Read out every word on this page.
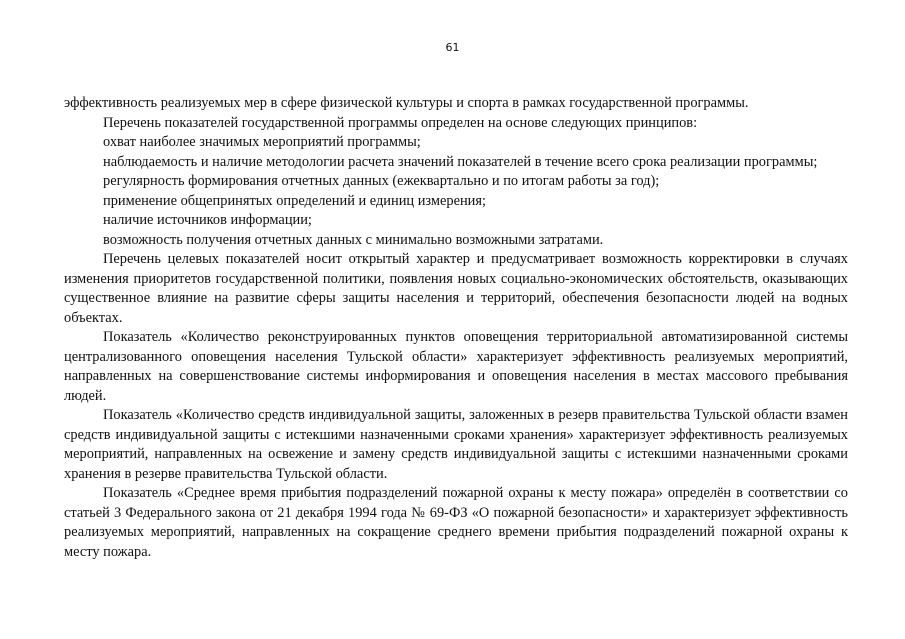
61

эффективность реализуемых мер в сфере физической культуры и спорта в рамках государственной программы.

Перечень показателей государственной программы определен на основе следующих принципов:

охват наиболее значимых мероприятий программы;

наблюдаемость и наличие методологии расчета значений показателей в течение всего срока реализации программы;

регулярность формирования отчетных данных (ежеквартально и по итогам работы за год);

применение общепринятых определений и единиц измерения;

наличие источников информации;

возможность получения отчетных данных с минимально возможными затратами.

Перечень целевых показателей носит открытый характер и предусматривает возможность корректировки в случаях изменения приоритетов государственной политики, появления новых социально-экономических обстоятельств, оказывающих существенное влияние на развитие сферы защиты населения и территорий, обеспечения безопасности людей на водных объектах.

Показатель «Количество реконструированных пунктов оповещения территориальной автоматизированной системы централизованного оповещения населения Тульской области» характеризует эффективность реализуемых мероприятий, направленных на совершенствование системы информирования и оповещения населения в местах массового пребывания людей.

Показатель «Количество средств индивидуальной защиты, заложенных в резерв правительства Тульской области взамен средств индивидуальной защиты с истекшими назначенными сроками хранения» характеризует эффективность реализуемых мероприятий, направленных на освежение и замену средств индивидуальной защиты с истекшими назначенными сроками хранения в резерве правительства Тульской области.

Показатель «Среднее время прибытия подразделений пожарной охраны к месту пожара» определён в соответствии со статьей 3 Федерального закона от 21 декабря 1994 года № 69-ФЗ «О пожарной безопасности» и характеризует эффективность реализуемых мероприятий, направленных на сокращение среднего времени прибытия подразделений пожарной охраны к месту пожара.
